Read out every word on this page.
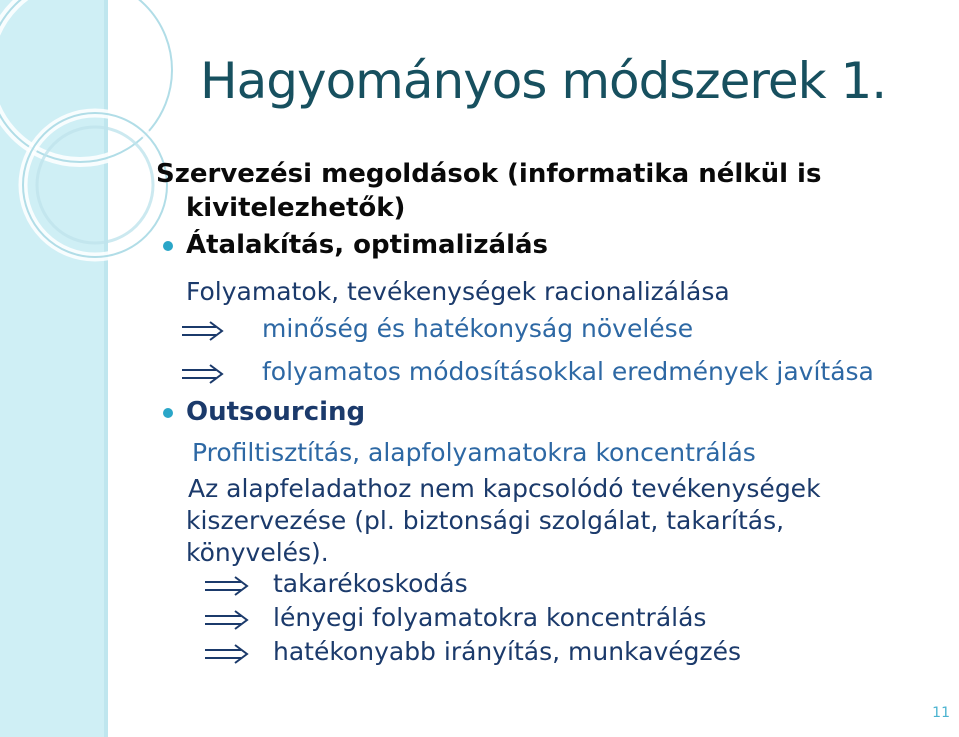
Hagyományos módszerek 1.
Szervezési megoldások (informatika nélkül is
kivitelezhetők)
Átalakítás, optimalizálás
Folyamatok, tevékenységek racionalizálása
minőség és hatékonyság növelése
folyamatos módosításokkal eredmények javítása
Outsourcing
Profiltisztítás, alapfolyamatokra koncentrálás
Az alapfeladathoz nem kapcsolódó tevékenységek
kiszervezése (pl. biztonsági szolgálat, takarítás,
könyvelés).
takarékoskodás
lényegi folyamatokra koncentrálás
hatékonyabb irányítás, munkavégzés
11
